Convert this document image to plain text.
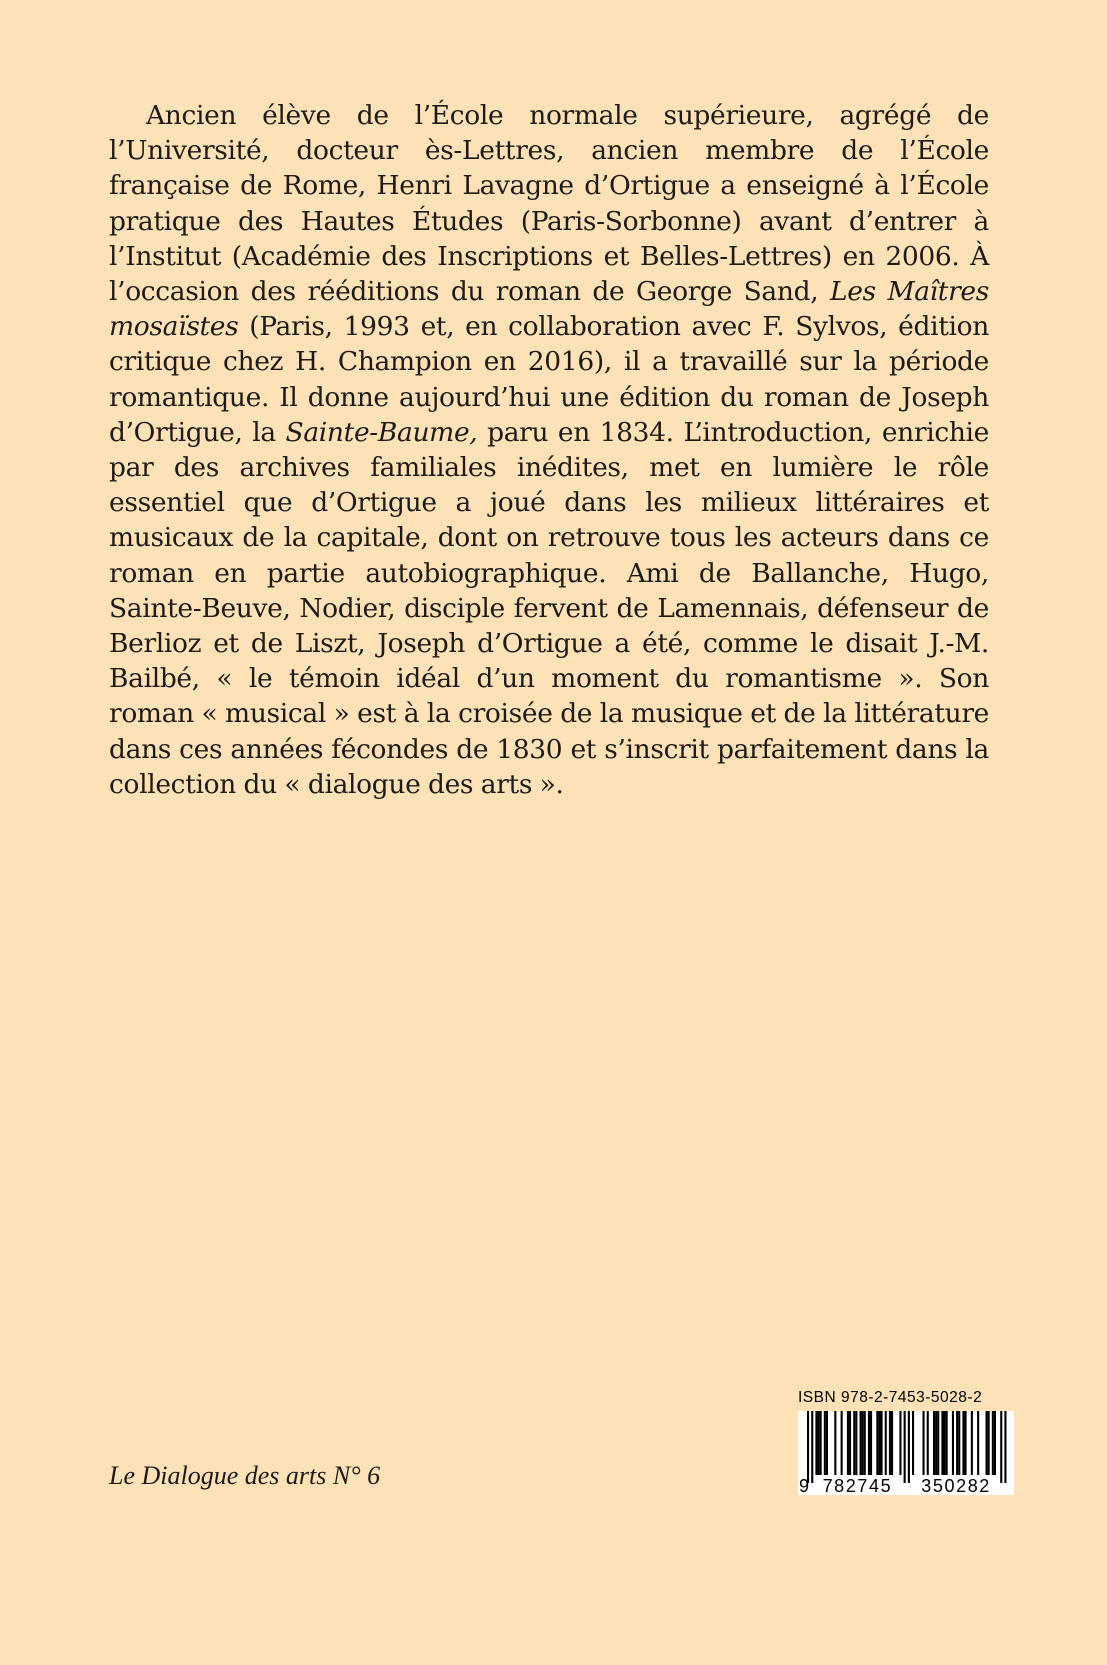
Ancien élève de l’École normale supérieure, agrégé de l’Université, docteur ès-Lettres, ancien membre de l’École française de Rome, Henri Lavagne d’Ortigue a enseigné à l’École pratique des Hautes Études (Paris-Sorbonne) avant d’entrer à l’Institut (Académie des Inscriptions et Belles-Lettres) en 2006. À l’occasion des rééditions du roman de George Sand, Les Maîtres mosaïstes (Paris, 1993 et, en collaboration avec F. Sylvos, édition critique chez H. Champion en 2016), il a travaillé sur la période romantique. Il donne aujourd’hui une édition du roman de Joseph d’Ortigue, la Sainte-Baume, paru en 1834. L’introduction, enrichie par des archives familiales inédites, met en lumière le rôle essentiel que d’Ortigue a joué dans les milieux littéraires et musicaux de la capitale, dont on retrouve tous les acteurs dans ce roman en partie autobiographique. Ami de Ballanche, Hugo, Sainte-Beuve, Nodier, disciple fervent de Lamennais, défenseur de Berlioz et de Liszt, Joseph d’Ortigue a été, comme le disait J.-M. Bailbé, « le témoin idéal d’un moment du romantisme ». Son roman « musical » est à la croisée de la musique et de la littérature dans ces années fécondes de 1830 et s’inscrit parfaitement dans la collection du « dialogue des arts ».

Le Dialogue des arts N° 6
ISBN 978-2-7453-5028-2
9 782745 350282
